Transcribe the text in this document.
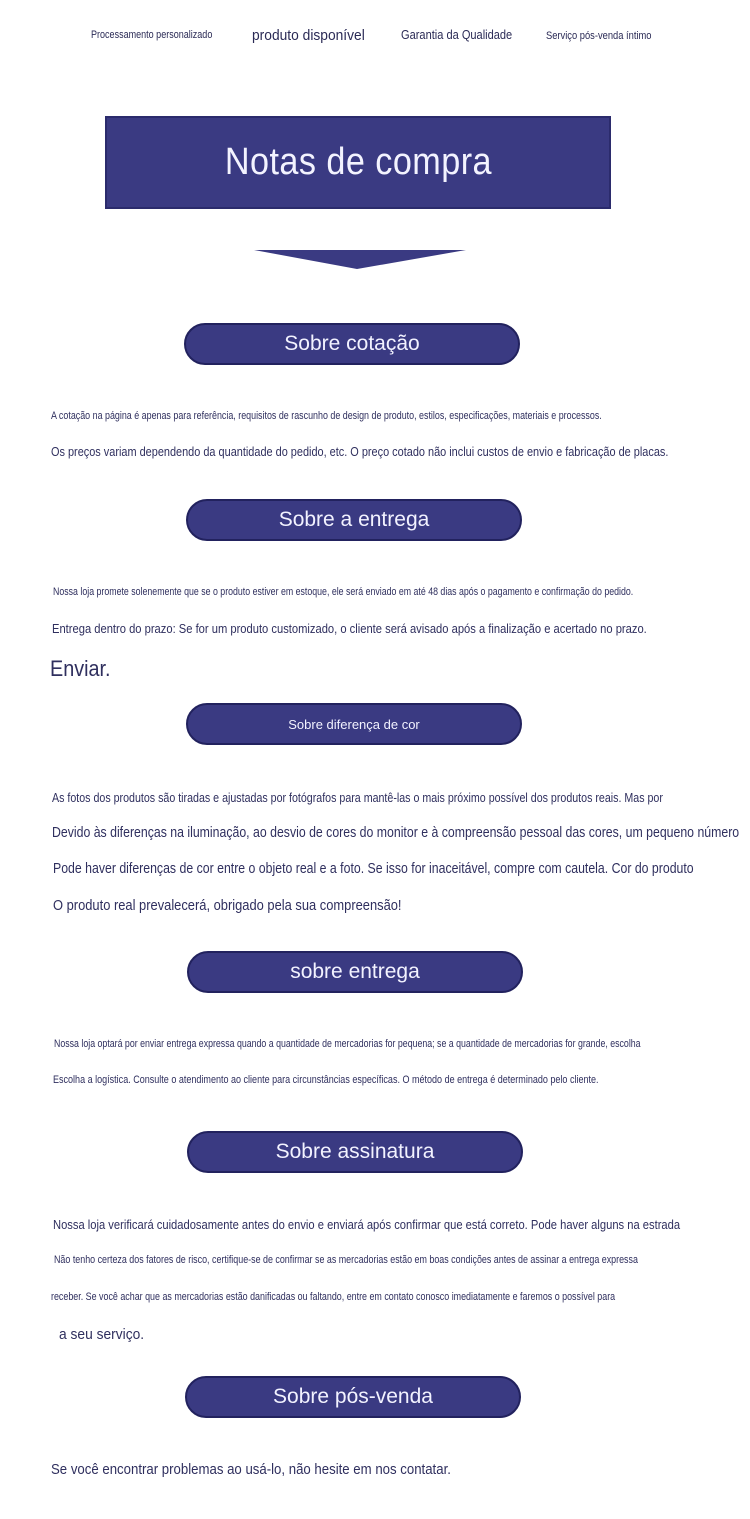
Processamento personalizado	produto disponível	Garantia da Qualidade	Serviço pós-venda íntimo
Notas de compra
Sobre cotação
A cotação na página é apenas para referência, requisitos de rascunho de design de produto, estilos, especificações, materiais e processos.
Os preços variam dependendo da quantidade do pedido, etc. O preço cotado não inclui custos de envio e fabricação de placas.
Sobre a entrega
Nossa loja promete solenemente que se o produto estiver em estoque, ele será enviado em até 48 dias após o pagamento e confirmação do pedido.
Entrega dentro do prazo: Se for um produto customizado, o cliente será avisado após a finalização e acertado no prazo.
Enviar.
Sobre diferença de cor
As fotos dos produtos são tiradas e ajustadas por fotógrafos para mantê-las o mais próximo possível dos produtos reais. Mas por
Devido às diferenças na iluminação, ao desvio de cores do monitor e à compreensão pessoal das cores, um pequeno número
Pode haver diferenças de cor entre o objeto real e a foto. Se isso for inaceitável, compre com cautela. Cor do produto
O produto real prevalecerá, obrigado pela sua compreensão!
sobre entrega
Nossa loja optará por enviar entrega expressa quando a quantidade de mercadorias for pequena; se a quantidade de mercadorias for grande, escolha
Escolha a logística. Consulte o atendimento ao cliente para circunstâncias específicas. O método de entrega é determinado pelo cliente.
Sobre assinatura
Nossa loja verificará cuidadosamente antes do envio e enviará após confirmar que está correto. Pode haver alguns na estrada
Não tenho certeza dos fatores de risco, certifique-se de confirmar se as mercadorias estão em boas condições antes de assinar a entrega expressa
receber. Se você achar que as mercadorias estão danificadas ou faltando, entre em contato conosco imediatamente e faremos o possível para
a seu serviço.
Sobre pós-venda
Se você encontrar problemas ao usá-lo, não hesite em nos contatar.
